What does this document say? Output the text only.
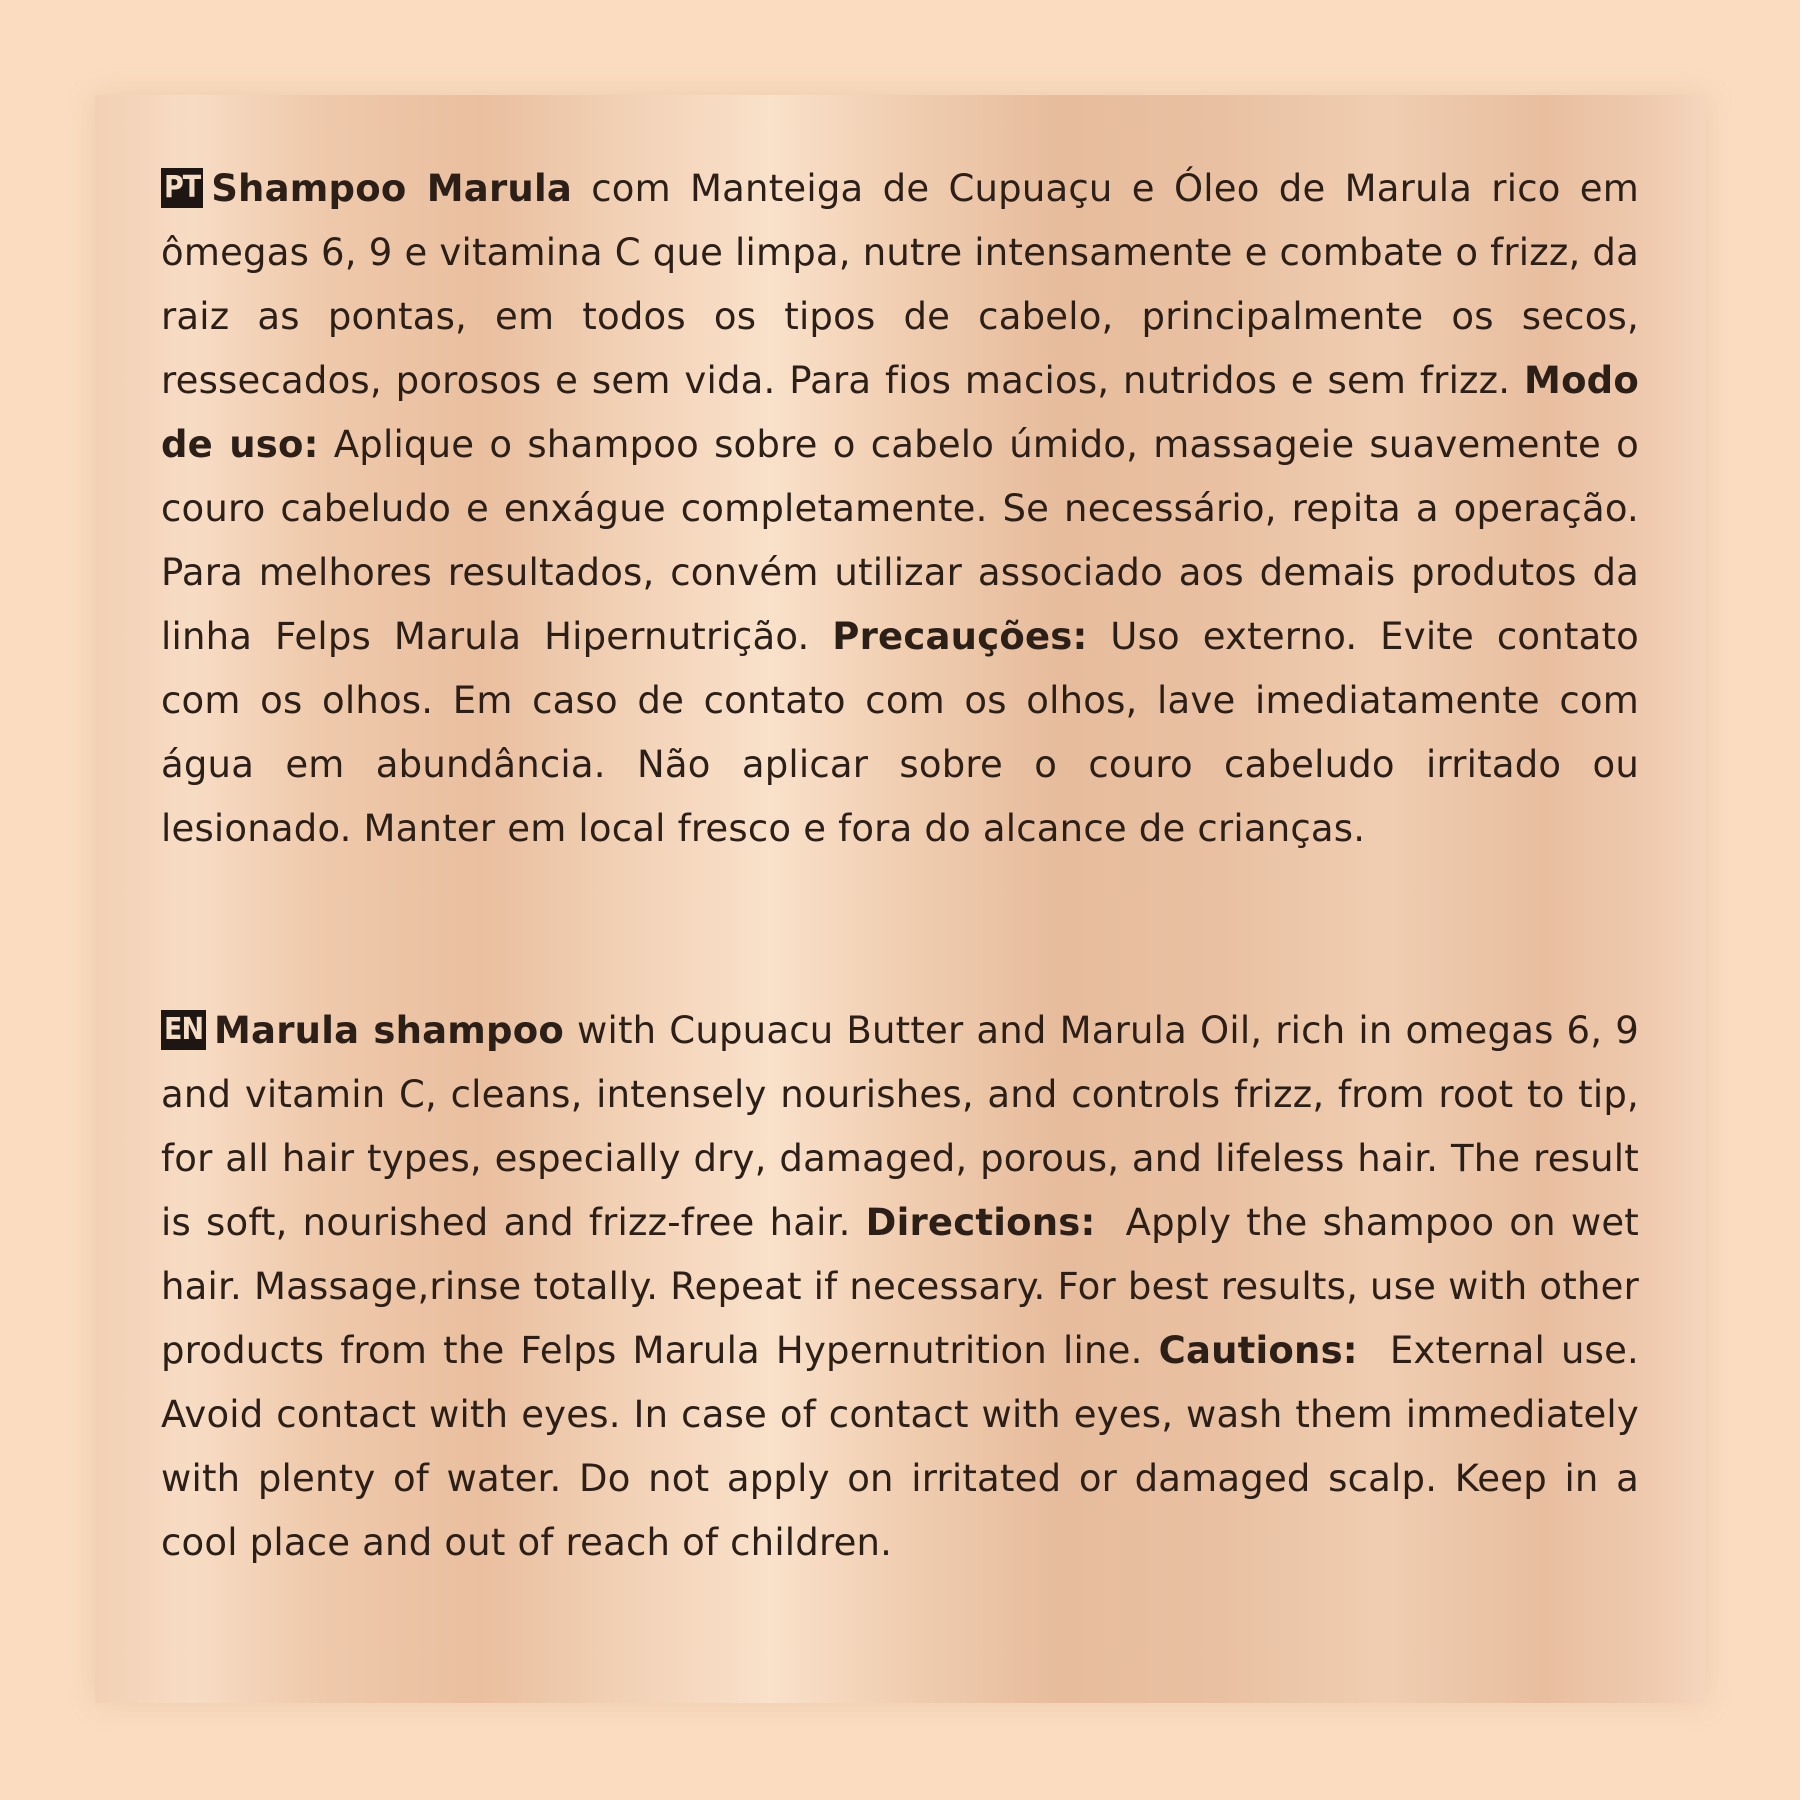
PT Shampoo Marula com Manteiga de Cupuaçu e Óleo de Marula rico em ômegas 6, 9 e vitamina C que limpa, nutre intensamente e combate o frizz, da raiz as pontas, em todos os tipos de cabelo, principalmente os secos, ressecados, porosos e sem vida. Para fios macios, nutridos e sem frizz. Modo de uso: Aplique o shampoo sobre o cabelo úmido, massageie suavemente o couro cabeludo e enxágue completamente. Se necessário, repita a operação. Para melhores resultados, convém utilizar associado aos demais produtos da linha Felps Marula Hipernutrição. Precauções: Uso externo. Evite contato com os olhos. Em caso de contato com os olhos, lave imediatamente com água em abundância. Não aplicar sobre o couro cabeludo irritado ou lesionado. Manter em local fresco e fora do alcance de crianças.

EN Marula shampoo with Cupuacu Butter and Marula Oil, rich in omegas 6, 9 and vitamin C, cleans, intensely nourishes, and controls frizz, from root to tip, for all hair types, especially dry, damaged, porous, and lifeless hair. The result is soft, nourished and frizz-free hair. Directions:  Apply the shampoo on wet hair. Massage,rinse totally. Repeat if necessary. For best results, use with other products from the Felps Marula Hypernutrition line. Cautions:  External use. Avoid contact with eyes. In case of contact with eyes, wash them immediately with plenty of water. Do not apply on irritated or damaged scalp. Keep in a cool place and out of reach of children.
